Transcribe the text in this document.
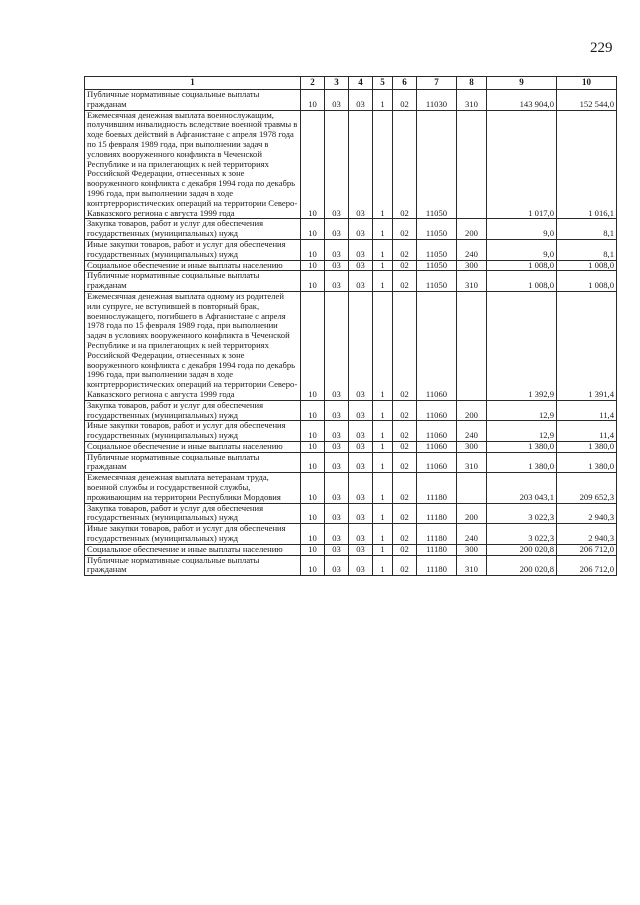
229
1	2	3	4	5	6	7	8	9	10
Публичные нормативные социальные выплаты гражданам	10	03	03	1	02	11030	310	143 904,0	152 544,0
Ежемесячная денежная выплата военнослужащим, получившим инвалидность вследствие военной травмы в ходе боевых действий в Афганистане с апреля 1978 года по 15 февраля 1989 года, при выполнении задач в условиях вооруженного конфликта в Чеченской Республике и на прилегающих к ней территориях Российской Федерации, отнесенных к зоне вооруженного конфликта с декабря 1994 года по декабрь 1996 года, при выполнении задач в ходе контртеррористических операций на территории Северо-Кавказского региона с августа 1999 года	10	03	03	1	02	11050		1 017,0	1 016,1
Закупка товаров, работ и услуг для обеспечения государственных (муниципальных) нужд	10	03	03	1	02	11050	200	9,0	8,1
Иные закупки товаров, работ и услуг для обеспечения государственных (муниципальных) нужд	10	03	03	1	02	11050	240	9,0	8,1
Социальное обеспечение и иные выплаты населению	10	03	03	1	02	11050	300	1 008,0	1 008,0
Публичные нормативные социальные выплаты гражданам	10	03	03	1	02	11050	310	1 008,0	1 008,0
Ежемесячная денежная выплата одному из родителей или супруге, не вступившей в повторный брак, военнослужащего, погибшего в Афганистане с апреля 1978 года по 15 февраля 1989 года, при выполнении задач в условиях вооруженного конфликта в Чеченской Республике и на прилегающих к ней территориях Российской Федерации, отнесенных к зоне вооруженного конфликта с декабря 1994 года по декабрь 1996 года, при выполнении задач в ходе контртеррористических операций на территории Северо-Кавказского региона с августа 1999 года	10	03	03	1	02	11060		1 392,9	1 391,4
Закупка товаров, работ и услуг для обеспечения государственных (муниципальных) нужд	10	03	03	1	02	11060	200	12,9	11,4
Иные закупки товаров, работ и услуг для обеспечения государственных (муниципальных) нужд	10	03	03	1	02	11060	240	12,9	11,4
Социальное обеспечение и иные выплаты населению	10	03	03	1	02	11060	300	1 380,0	1 380,0
Публичные нормативные социальные выплаты гражданам	10	03	03	1	02	11060	310	1 380,0	1 380,0
Ежемесячная денежная выплата ветеранам труда, военной службы и государственной службы, проживающим на территории Республики Мордовия	10	03	03	1	02	11180		203 043,1	209 652,3
Закупка товаров, работ и услуг для обеспечения государственных (муниципальных) нужд	10	03	03	1	02	11180	200	3 022,3	2 940,3
Иные закупки товаров, работ и услуг для обеспечения государственных (муниципальных) нужд	10	03	03	1	02	11180	240	3 022,3	2 940,3
Социальное обеспечение и иные выплаты населению	10	03	03	1	02	11180	300	200 020,8	206 712,0
Публичные нормативные социальные выплаты гражданам	10	03	03	1	02	11180	310	200 020,8	206 712,0
